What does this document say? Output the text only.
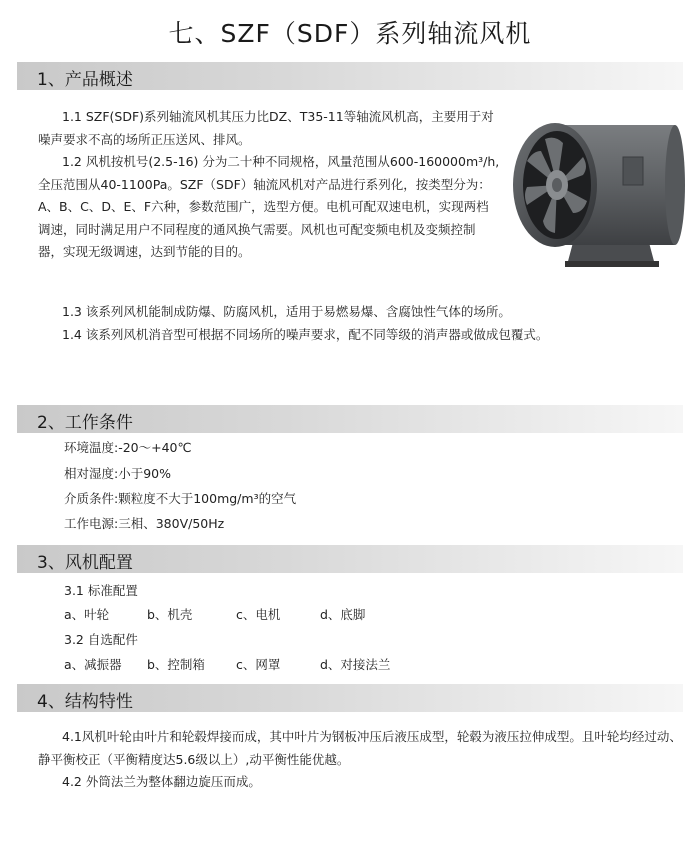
七、SZF（SDF）系列轴流风机
1、产品概述

1.1 SZF(SDF)系列轴流风机其压力比DZ、T35-11等轴流风机高，主要用于对噪声要求不高的场所正压送风、排风。

1.2 风机按机号(2.5-16) 分为二十种不同规格，风量范围从600-160000m³/h,全压范围从40-1100Pa。SZF（SDF）轴流风机对产品进行系列化，按类型分为：A、B、C、D、E、F六种，参数范围广，选型方便。电机可配双速电机，实现两档调速，同时满足用户不同程度的通风换气需要。风机也可配变频电机及变频控制器，实现无级调速，达到节能的目的。

1.3 该系列风机能制成防爆、防腐风机，适用于易燃易爆、含腐蚀性气体的场所。

1.4 该系列风机消音型可根据不同场所的噪声要求，配不同等级的消声器或做成包覆式。

2、工作条件
环境温度:-20～+40℃
相对湿度:小于90%
介质条件:颗粒度不大于100mg/m³的空气
工作电源:三相、380V/50Hz
3、风机配置
3.1 标准配置
a、叶轮	b、机壳	c、电机	d、底脚
3.2 自选配件
a、减振器 b、控制箱 c、网罩	d、对接法兰
4、结构特性

4.1风机叶轮由叶片和轮毂焊接而成，其中叶片为钢板冲压后液压成型，轮毂为液压拉伸成型。且叶轮均经过动、静平衡校正（平衡精度达5.6级以上）,动平衡性能优越。

4.2 外筒法兰为整体翻边旋压而成。
